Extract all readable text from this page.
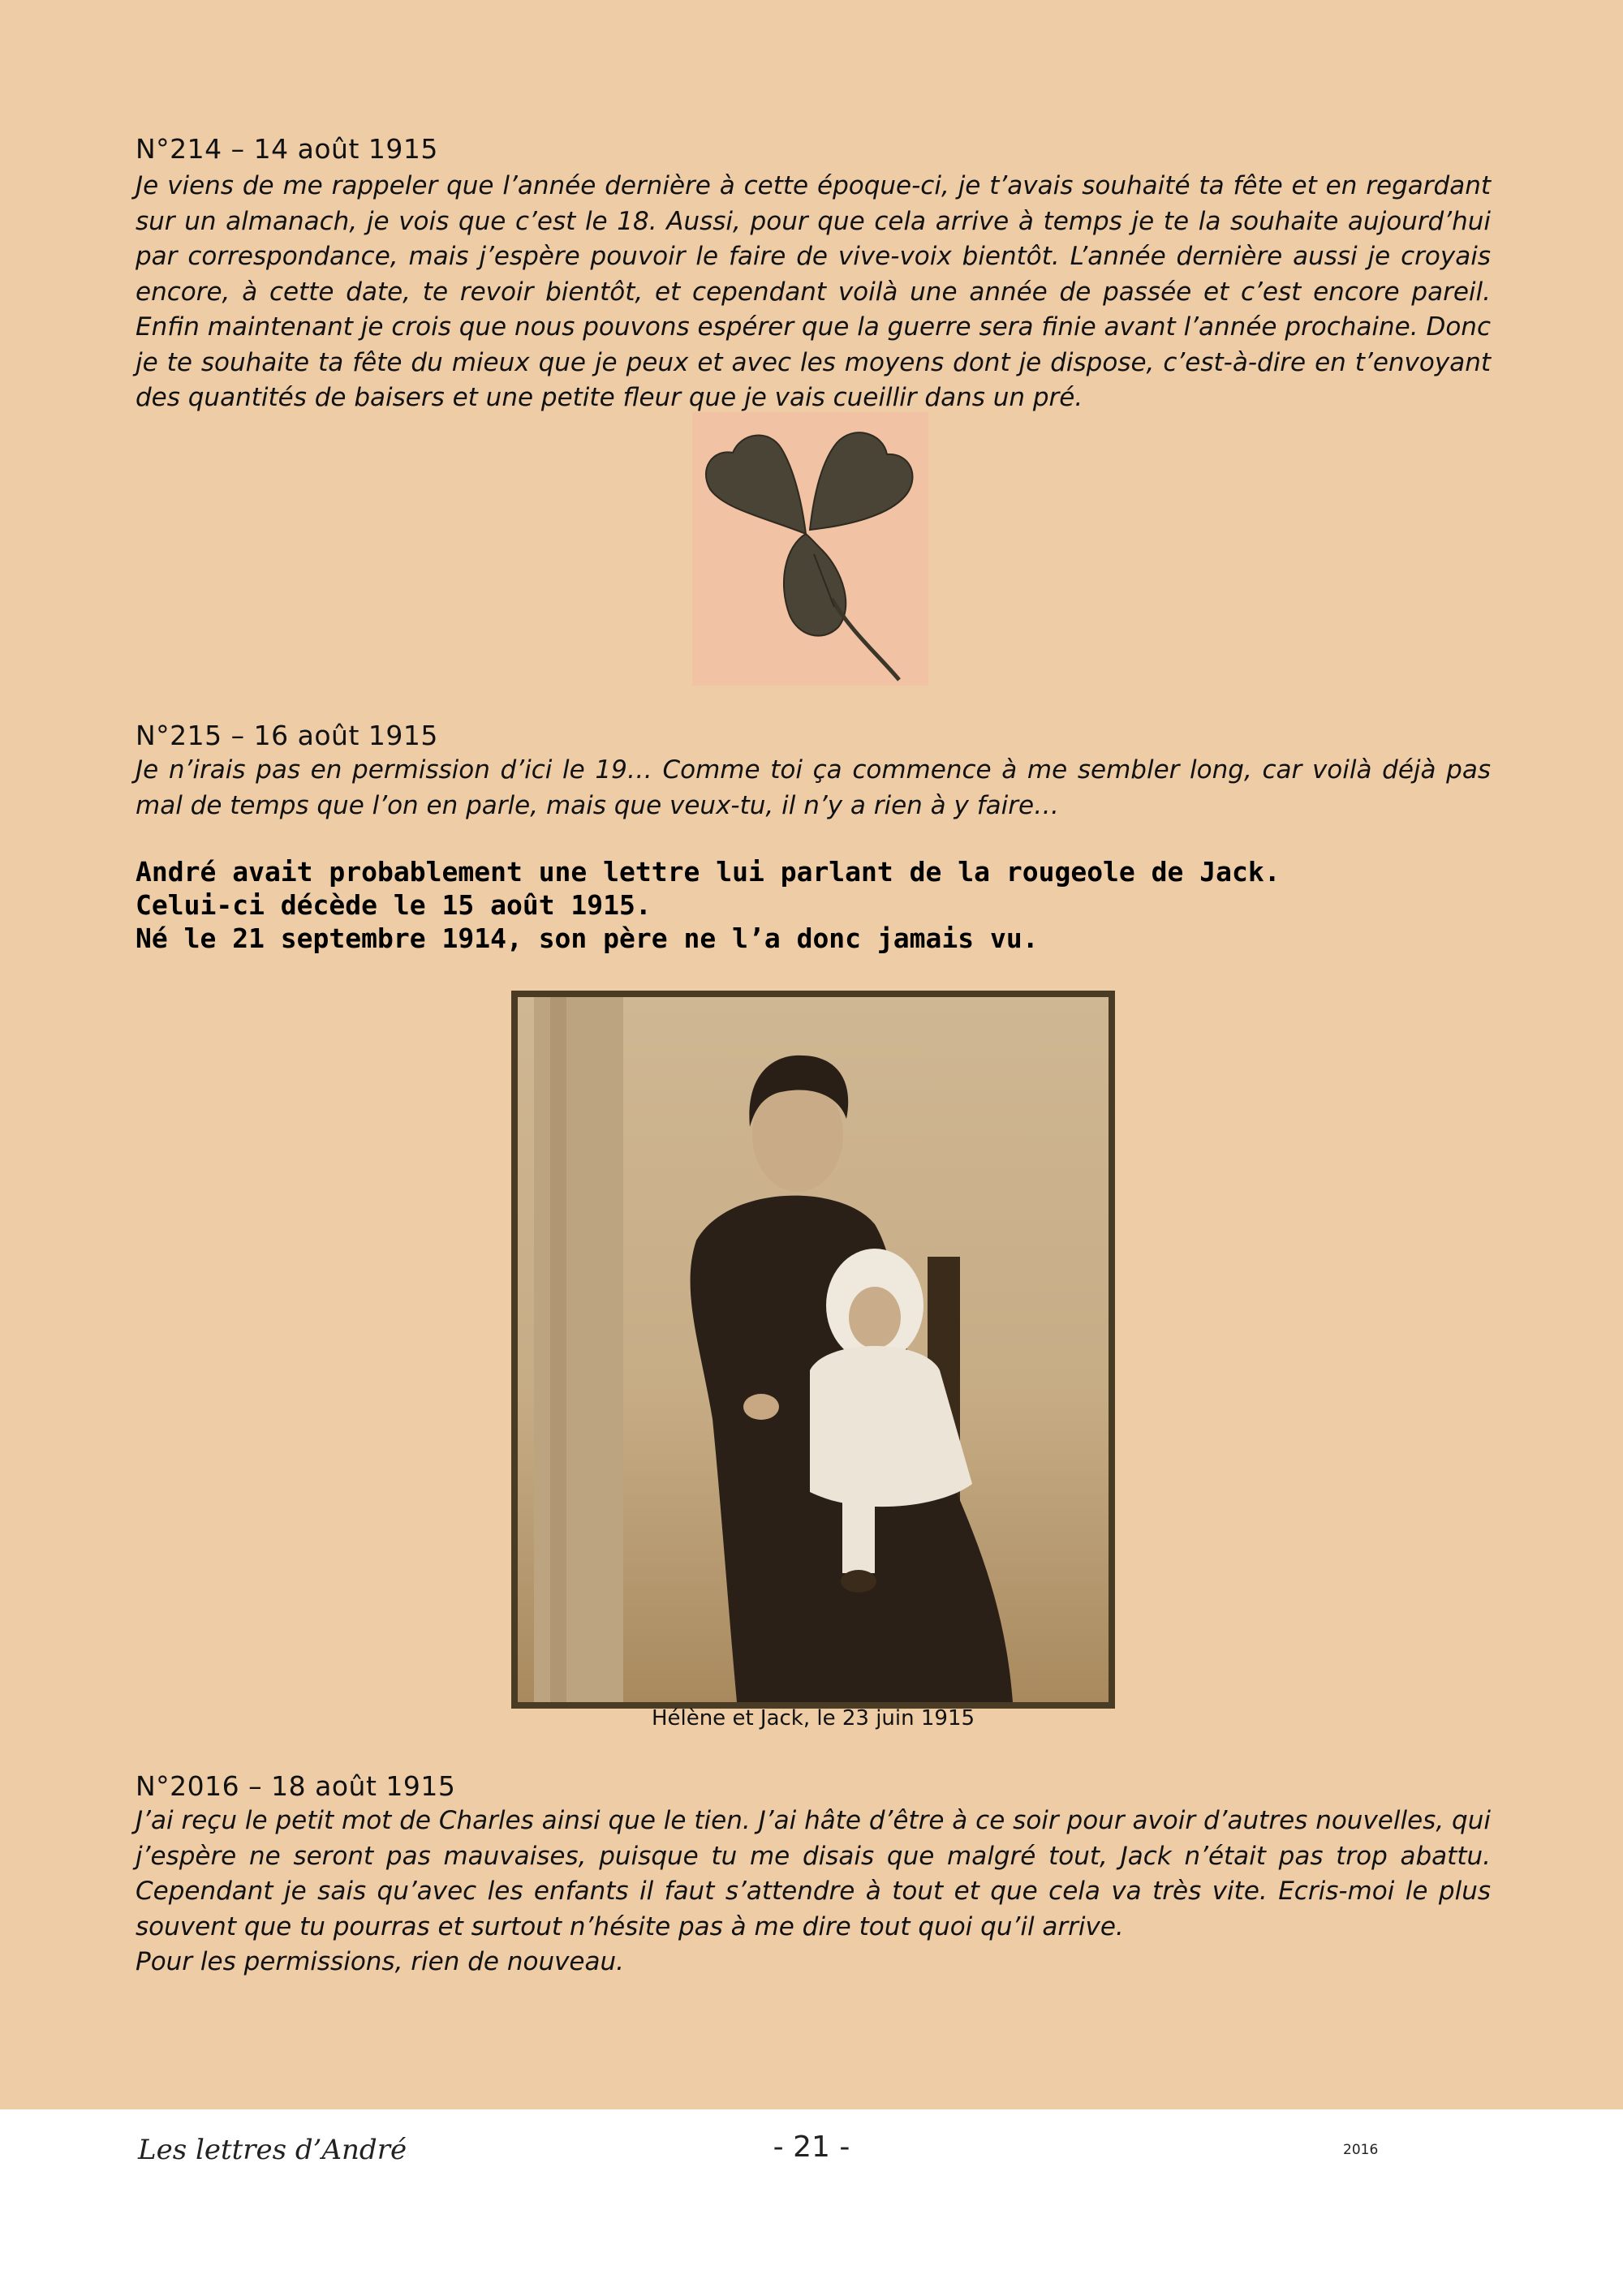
N°214 – 14 août 1915

Je viens de me rappeler que l’année dernière à cette époque-ci, je t’avais souhaité ta fête et en regardant sur un almanach, je vois que c’est le 18. Aussi, pour que cela arrive à temps je te la souhaite aujourd’hui par correspondance, mais j’espère pouvoir le faire de vive-voix bientôt. L’année dernière aussi je croyais encore, à cette date, te revoir bientôt, et cependant voilà une année de passée et c’est encore pareil. Enfin maintenant je crois que nous pouvons espérer que la guerre sera finie avant l’année prochaine. Donc je te souhaite ta fête du mieux que je peux et avec les moyens dont je dispose, c’est-à-dire en t’envoyant des quantités de baisers et une petite fleur que je vais cueillir dans un pré.

N°215 – 16 août 1915

Je n’irais pas en permission d’ici le 19… Comme toi ça commence à me sembler long, car voilà déjà pas mal de temps que l’on en parle, mais que veux-tu, il n’y a rien à y faire…

André avait probablement une lettre lui parlant de la rougeole de Jack.
Celui-ci décède le 15 août 1915.
Né le 21 septembre 1914, son père ne l’a donc jamais vu.
Hélène et Jack, le 23 juin 1915
N°2016 – 18 août 1915

J’ai reçu le petit mot de Charles ainsi que le tien. J’ai hâte d’être à ce soir pour avoir d’autres nouvelles, qui j’espère ne seront pas mauvaises, puisque tu me disais que malgré tout, Jack n’était pas trop abattu. Cependant je sais qu’avec les enfants il faut s’attendre à tout et que cela va très vite. Ecris-moi le plus souvent que tu pourras et surtout n’hésite pas à me dire tout quoi qu’il arrive.

Pour les permissions, rien de nouveau.

Les lettres d’André	- 21 -	2016
